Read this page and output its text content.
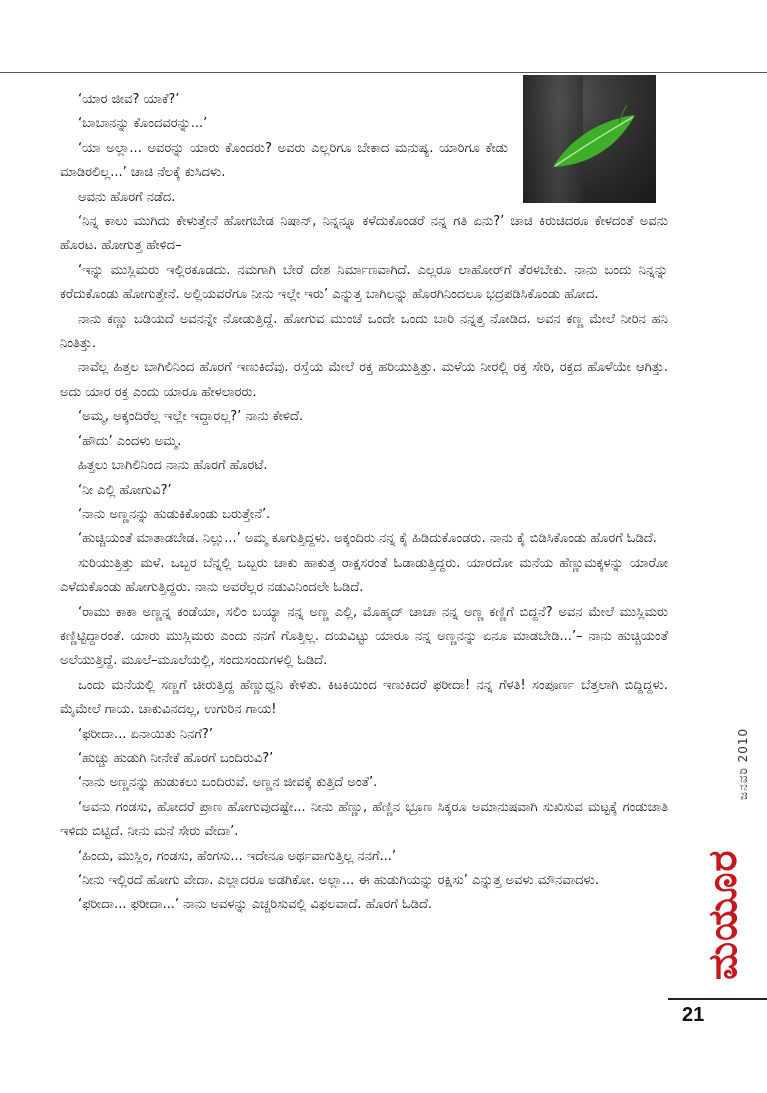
‘ಯಾರ ಜೀವ? ಯಾಕೆ?’

‘ಬಾಬಾನನ್ನು ಕೊಂದವರನ್ನು...’

‘ಯಾ ಅಲ್ಲಾ... ಅವರನ್ನು ಯಾರು ಕೊಂದರು? ಅವರು ಎಲ್ಲರಿಗೂ ಬೇಕಾದ ಮನುಷ್ಯ. ಯಾರಿಗೂ ಕೇಡು ಮಾಡಿರಲಿಲ್ಲ...’ ಚಾಚಿ ನೆಲಕ್ಕೆ ಕುಸಿದಳು.

ಅವನು ಹೊರಗೆ ನಡೆದ.

‘ನಿನ್ನ ಕಾಲು ಮುಗಿದು ಕೇಳುತ್ತೇನೆ ಹೋಗಬೇಡ ನಿಷಾನ್, ನಿನ್ನನ್ನೂ ಕಳೆದುಕೊಂಡರೆ ನನ್ನ ಗತಿ ಏನು?’ ಚಾಚಿ ಕಿರುಚಿದರೂ ಕೇಳದಂತೆ ಅವನು ಹೊರಟ. ಹೋಗುತ್ತ ಹೇಳಿದ–

‘ಇನ್ನು ಮುಸ್ಲಿಮರು ಇಲ್ಲಿರಕೂಡದು. ನಮಗಾಗಿ ಬೇರೆ ದೇಶ ನಿರ್ಮಾಣವಾಗಿದೆ. ಎಲ್ಲರೂ ಲಾಹೋರ್‌ಗೆ ತೆರಳಬೇಕು. ನಾನು ಬಂದು ನಿನ್ನನ್ನು ಕರೆದುಕೊಂಡು ಹೋಗುತ್ತೇನೆ. ಅಲ್ಲಿಯವರೆಗೂ ನೀನು ಇಲ್ಲೇ ಇರು’ ಎನ್ನುತ್ತ ಬಾಗಿಲನ್ನು ಹೊರಗಿನಿಂದಲೂ ಭದ್ರಪಡಿಸಿಕೊಂಡು ಹೋದ.

ನಾನು ಕಣ್ಣು ಬಡಿಯದೆ ಅವನನ್ನೇ ನೋಡುತ್ತಿದ್ದೆ. ಹೋಗುವ ಮುಂಚೆ ಒಂದೇ ಒಂದು ಬಾರಿ ನನ್ನತ್ತ ನೋಡಿದ. ಅವನ ಕಣ್ಣ ಮೇಲೆ ನೀರಿನ ಹನಿ ನಿಂತಿತ್ತು.

ನಾವೆಲ್ಲ ಹಿತ್ತಲ ಬಾಗಿಲಿನಿಂದ ಹೊರಗೆ ಇಣುಕಿದೆವು. ರಸ್ತೆಯ ಮೇಲೆ ರಕ್ತ ಹರಿಯುತ್ತಿತ್ತು. ಮಳೆಯ ನೀರಲ್ಲಿ ರಕ್ತ ಸೇರಿ, ರಕ್ತದ ಹೊಳೆಯೇ ಆಗಿತ್ತು. ಅದು ಯಾರ ರಕ್ತ ಎಂದು ಯಾರೂ ಹೇಳಲಾರರು.

‘ಅಮ್ಮ, ಅಕ್ಕಂದಿರೆಲ್ಲ ಇಲ್ಲೇ ಇದ್ದಾರಲ್ಲ?’ ನಾನು ಕೇಳಿದೆ.

‘ಹೌದು’ ಎಂದಳು ಅಮ್ಮ.

ಹಿತ್ತಲು ಬಾಗಿಲಿನಿಂದ ನಾನು ಹೊರಗೆ ಹೊರಟೆ.

‘ನೀ ಎಲ್ಲಿ ಹೋಗುವಿ?’

‘ನಾನು ಅಣ್ಣನನ್ನು ಹುಡುಕಿಕೊಂಡು ಬರುತ್ತೇನೆ’.

‘ಹುಚ್ಚಿಯಂತೆ ಮಾತಾಡಬೇಡ. ನಿಲ್ಲು...’ ಅಮ್ಮ ಕೂಗುತ್ತಿದ್ದಳು. ಅಕ್ಕಂದಿರು ನನ್ನ ಕೈ ಹಿಡಿದುಕೊಂಡರು. ನಾನು ಕೈ ಬಿಡಿಸಿಕೊಂಡು ಹೊರಗೆ ಓಡಿದೆ.

ಸುರಿಯುತ್ತಿತ್ತು ಮಳೆ. ಒಬ್ಬರ ಬೆನ್ನಲ್ಲಿ ಒಬ್ಬರು ಚಾಕು ಹಾಕುತ್ತ ರಾಕ್ಷಸರಂತೆ ಓಡಾಡುತ್ತಿದ್ದರು. ಯಾರದೋ ಮನೆಯ ಹೆಣ್ಣುಮಕ್ಕಳನ್ನು ಯಾರೋ ಎಳೆದುಕೊಂಡು ಹೋಗುತ್ತಿದ್ದರು. ನಾನು ಅವರೆಲ್ಲರ ನಡುವಿನಿಂದಲೇ ಓಡಿದೆ.

‘ರಾಮು ಕಾಕಾ ಅಣ್ಣನ್ನ ಕಂಡೆಯಾ, ಸಲಿಂ ಬಯ್ಯಾ ನನ್ನ ಅಣ್ಣ ಎಲ್ಲಿ, ಮೊಹ್ಮದ್ ಚಾಚಾ ನನ್ನ ಅಣ್ಣ ಕಣ್ಣಿಗೆ ಬಿದ್ದನೆ? ಅವನ ಮೇಲೆ ಮುಸ್ಲಿಮರು ಕಣ್ಣಿಟ್ಟಿದ್ದಾರಂತೆ. ಯಾರು ಮುಸ್ಲಿಮರು ಎಂದು ನನಗೆ ಗೊತ್ತಿಲ್ಲ. ದಯವಿಟ್ಟು ಯಾರೂ ನನ್ನ ಅಣ್ಣನನ್ನು ಏನೂ ಮಾಡಬೇಡಿ...’– ನಾನು ಹುಚ್ಚಿಯಂತೆ ಅಲೆಯುತ್ತಿದ್ದೆ. ಮೂಲೆ–ಮೂಲೆಯಲ್ಲಿ, ಸಂದುಸಂದುಗಳಲ್ಲಿ ಓಡಿದೆ.

ಒಂದು ಮನೆಯಲ್ಲಿ ಸಣ್ಣಗೆ ಚೀರುತ್ತಿದ್ದ ಹೆಣ್ಣುಧ್ವನಿ ಕೇಳಿತು. ಕಿಟಕಿಯಿಂದ ಇಣುಕಿದರೆ ಫರೀದಾ! ನನ್ನ ಗೆಳತಿ! ಸಂಪೂರ್ಣ ಬೆತ್ತಲಾಗಿ ಬಿದ್ದಿದ್ದಳು. ಮೈಮೇಲೆ ಗಾಯ. ಚಾಕುವಿನದಲ್ಲ, ಉಗುರಿನ ಗಾಯ!

‘ಫರೀದಾ... ಏನಾಯಿತು ನಿನಗೆ?’

‘ಹುಚ್ಚು ಹುಡುಗಿ ನೀನೇಕೆ ಹೊರಗೆ ಬಂದಿರುವಿ?’

‘ನಾನು ಅಣ್ಣನನ್ನು ಹುಡುಕಲು ಬಂದಿರುವೆ. ಅಣ್ಣನ ಜೀವಕ್ಕೆ ಕುತ್ತಿದೆ ಅಂತೆ’.

‘ಅವನು ಗಂಡಸು, ಹೋದರೆ ಪ್ರಾಣ ಹೋಗುವುದಷ್ಟೇ... ನೀನು ಹೆಣ್ಣು, ಹೆಣ್ಣಿನ ಭ್ರೂಣ ಸಿಕ್ಕರೂ ಅಮಾನುಷವಾಗಿ ಸುಖಿಸುವ ಮಟ್ಟಕ್ಕೆ ಗಂಡುಜಾತಿ ಇಳಿದು ಬಿಟ್ಟಿದೆ. ನೀನು ಮನೆ ಸೇರು ವೇದಾ’.

‘ಹಿಂದು, ಮುಸ್ಲಿಂ, ಗಂಡಸು, ಹೆಂಗಸು... ಇದೇನೂ ಅರ್ಥವಾಗುತ್ತಿಲ್ಲ ನನಗೆ...’

‘ನೀನು ಇಲ್ಲಿರದೆ ಹೋಗು ವೇದಾ. ಎಲ್ಲಾದರೂ ಅಡಗಿಕೋ. ಅಲ್ಲಾ... ಈ ಹುಡುಗಿಯನ್ನು ರಕ್ಷಿಸು’ ಎನ್ನುತ್ತ ಅವಳು ಮೌನವಾದಳು.

‘ಫರೀದಾ... ಫರೀದಾ...’ ನಾನು ಅವಳನ್ನು ಎಚ್ಚರಿಸುವಲ್ಲಿ ವಿಫಲವಾದೆ. ಹೊರಗೆ ಓಡಿದೆ.

ಜನವರಿ 2010
ಮಯೂರ
21
